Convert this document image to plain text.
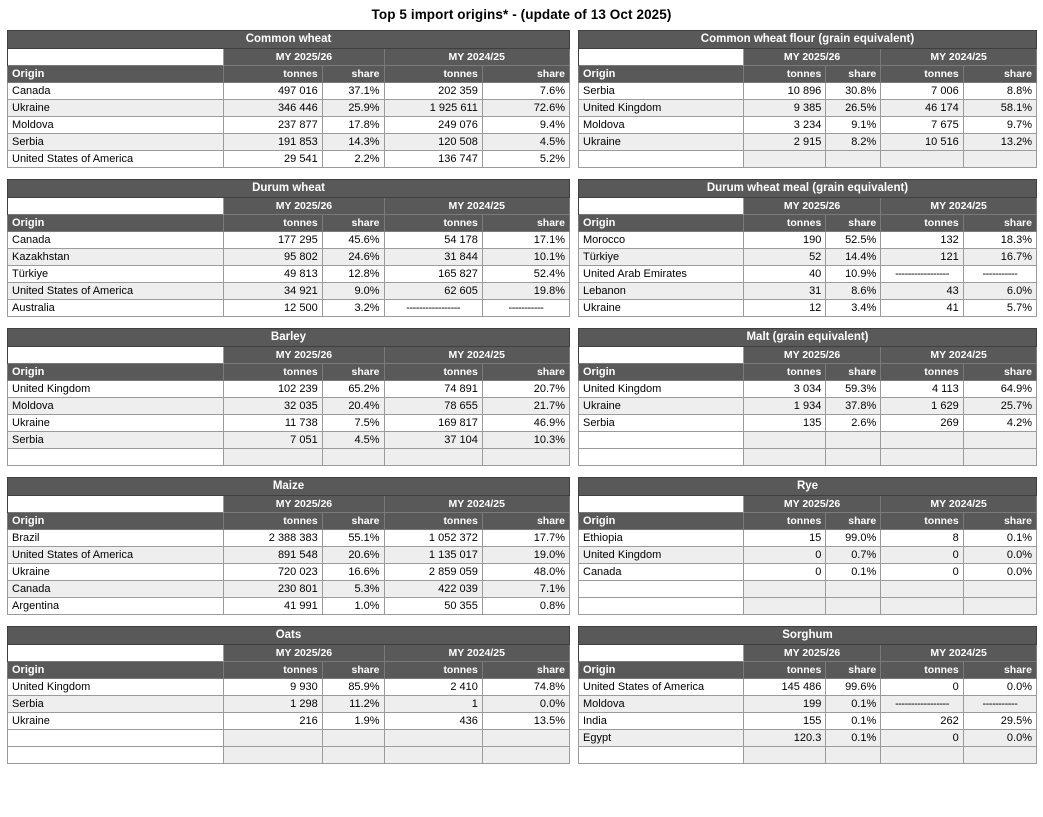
Top 5 import origins* - (update of 13 Oct 2025)
Common wheat				
	MY 2025/26		MY 2024/25	
Origin	tonnes	share	tonnes	share
Canada	497 016	37.1%	202 359	7.6%
Ukraine	346 446	25.9%	1 925 611	72.6%
Moldova	237 877	17.8%	249 076	9.4%
Serbia	191 853	14.3%	120 508	4.5%
United States of America	29 541	2.2%	136 747	5.2%
Durum wheat				
	MY 2025/26		MY 2024/25	
Origin	tonnes	share	tonnes	share
Canada	177 295	45.6%	54 178	17.1%
Kazakhstan	95 802	24.6%	31 844	10.1%
Türkiye	49 813	12.8%	165 827	52.4%
United States of America	34 921	9.0%	62 605	19.8%
Australia	12 500	3.2%	-----------------	-----------
Barley				
	MY 2025/26		MY 2024/25	
Origin	tonnes	share	tonnes	share
United Kingdom	102 239	65.2%	74 891	20.7%
Moldova	32 035	20.4%	78 655	21.7%
Ukraine	11 738	7.5%	169 817	46.9%
Serbia	7 051	4.5%	37 104	10.3%

Maize				
	MY 2025/26		MY 2024/25	
Origin	tonnes	share	tonnes	share
Brazil	2 388 383	55.1%	1 052 372	17.7%
United States of America	891 548	20.6%	1 135 017	19.0%
Ukraine	720 023	16.6%	2 859 059	48.0%
Canada	230 801	5.3%	422 039	7.1%
Argentina	41 991	1.0%	50 355	0.8%
Oats				
	MY 2025/26		MY 2024/25	
Origin	tonnes	share	tonnes	share
United Kingdom	9 930	85.9%	2 410	74.8%
Serbia	1 298	11.2%	1	0.0%
Ukraine	216	1.9%	436	13.5%

Common wheat flour (grain equivalent)				
	MY 2025/26		MY 2024/25	
Origin	tonnes	share	tonnes	share
Serbia	10 896	30.8%	7 006	8.8%
United Kingdom	9 385	26.5%	46 174	58.1%
Moldova	3 234	9.1%	7 675	9.7%
Ukraine	2 915	8.2%	10 516	13.2%

Durum wheat meal (grain equivalent)				
	MY 2025/26		MY 2024/25	
Origin	tonnes	share	tonnes	share
Morocco	190	52.5%	132	18.3%
Türkiye	52	14.4%	121	16.7%
United Arab Emirates	40	10.9%	-----------------	-----------
Lebanon	31	8.6%	43	6.0%
Ukraine	12	3.4%	41	5.7%
Malt (grain equivalent)				
	MY 2025/26		MY 2024/25	
Origin	tonnes	share	tonnes	share
United Kingdom	3 034	59.3%	4 113	64.9%
Ukraine	1 934	37.8%	1 629	25.7%
Serbia	135	2.6%	269	4.2%

Rye				
	MY 2025/26		MY 2024/25	
Origin	tonnes	share	tonnes	share
Ethiopia	15	99.0%	8	0.1%
United Kingdom	0	0.7%	0	0.0%
Canada	0	0.1%	0	0.0%

Sorghum				
	MY 2025/26		MY 2024/25	
Origin	tonnes	share	tonnes	share
United States of America	145 486	99.6%	0	0.0%
Moldova	199	0.1%	-----------------	-----------
India	155	0.1%	262	29.5%
Egypt	120.3	0.1%	0	0.0%
